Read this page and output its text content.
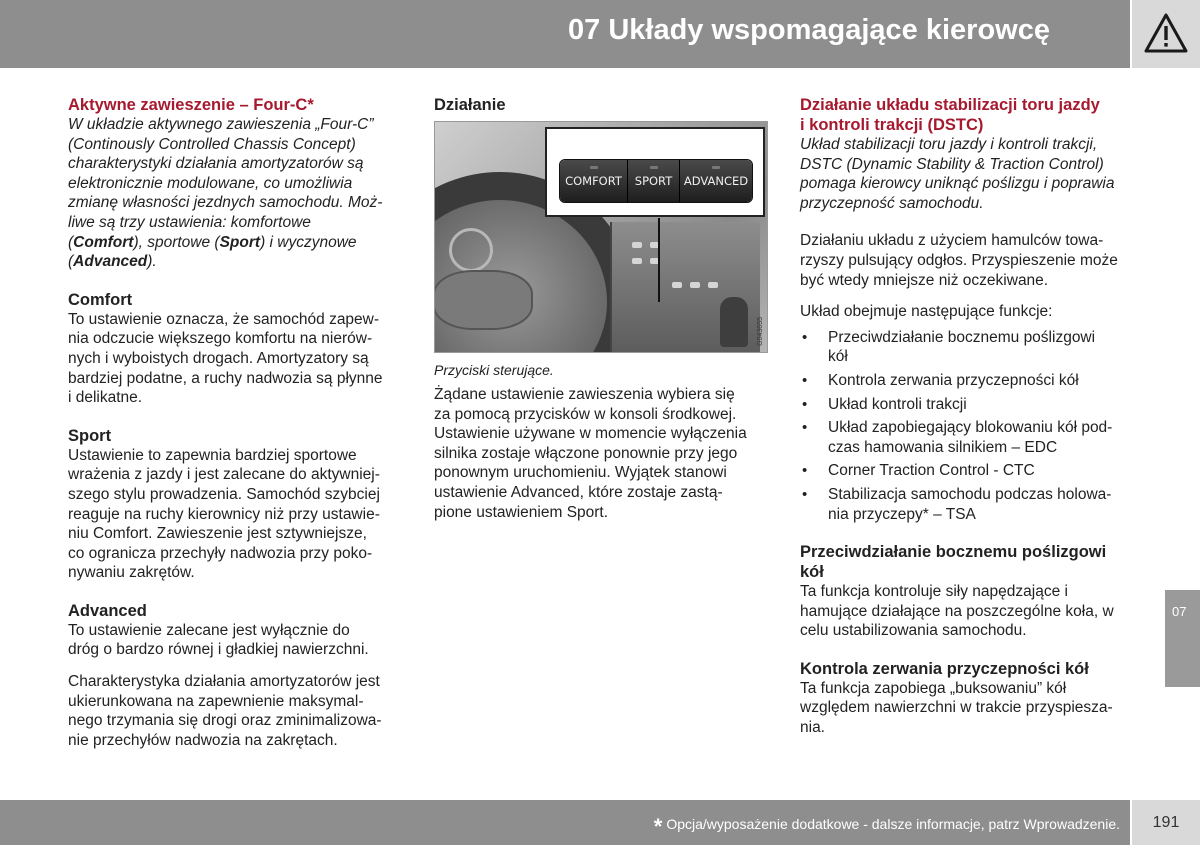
07 Układy wspomagające kierowcę
Aktywne zawieszenie – Four-C*
W układzie aktywnego zawieszenia „Four-C”
(Continously Controlled Chassis Concept)
charakterystyki działania amortyzatorów są
elektronicznie modulowane, co umożliwia
zmianę własności jezdnych samochodu. Moż-
liwe są trzy ustawienia: komfortowe
(Comfort), sportowe (Sport) i wyczynowe
(Advanced).
Comfort
To ustawienie oznacza, że samochód zapew-
nia odczucie większego komfortu na nierów-
nych i wyboistych drogach. Amortyzatory są
bardziej podatne, a ruchy nadwozia są płynne
i delikatne.
Sport
Ustawienie to zapewnia bardziej sportowe
wrażenia z jazdy i jest zalecane do aktywniej-
szego stylu prowadzenia. Samochód szybciej
reaguje na ruchy kierownicy niż przy ustawie-
niu Comfort. Zawieszenie jest sztywniejsze,
co ogranicza przechyły nadwozia przy poko-
nywaniu zakrętów.
Advanced
To ustawienie zalecane jest wyłącznie do
dróg o bardzo równej i gładkiej nawierzchni.
Charakterystyka działania amortyzatorów jest
ukierunkowana na zapewnienie maksymal-
nego trzymania się drogi oraz zminimalizowa-
nie przechyłów nadwozia na zakrętach.
Działanie
COMFORT	SPORT	ADVANCED
G043655
Przyciski sterujące.
Żądane ustawienie zawieszenia wybiera się
za pomocą przycisków w konsoli środkowej.
Ustawienie używane w momencie wyłączenia
silnika zostaje włączone ponownie przy jego
ponownym uruchomieniu. Wyjątek stanowi
ustawienie Advanced, które zostaje zastą-
pione ustawieniem Sport.
Działanie układu stabilizacji toru jazdy
i kontroli trakcji (DSTC)
Układ stabilizacji toru jazdy i kontroli trakcji,
DSTC (Dynamic Stability & Traction Control)
pomaga kierowcy uniknąć poślizgu i poprawia
przyczepność samochodu.
Działaniu układu z użyciem hamulców towa-
rzyszy pulsujący odgłos. Przyspieszenie może
być wtedy mniejsze niż oczekiwane.
Układ obejmuje następujące funkcje:
• Przeciwdziałanie bocznemu poślizgowi
kół
• Kontrola zerwania przyczepności kół
• Układ kontroli trakcji
• Układ zapobiegający blokowaniu kół pod-
czas hamowania silnikiem – EDC
• Corner Traction Control - CTC
• Stabilizacja samochodu podczas holowa-
nia przyczepy* – TSA
Przeciwdziałanie bocznemu poślizgowi
kół
Ta funkcja kontroluje siły napędzające i
hamujące działające na poszczególne koła, w
celu ustabilizowania samochodu.
Kontrola zerwania przyczepności kół
Ta funkcja zapobiega „buksowaniu” kół
względem nawierzchni w trakcie przyspiesza-
nia.
07
* Opcja/wyposażenie dodatkowe - dalsze informacje, patrz Wprowadzenie.	191
